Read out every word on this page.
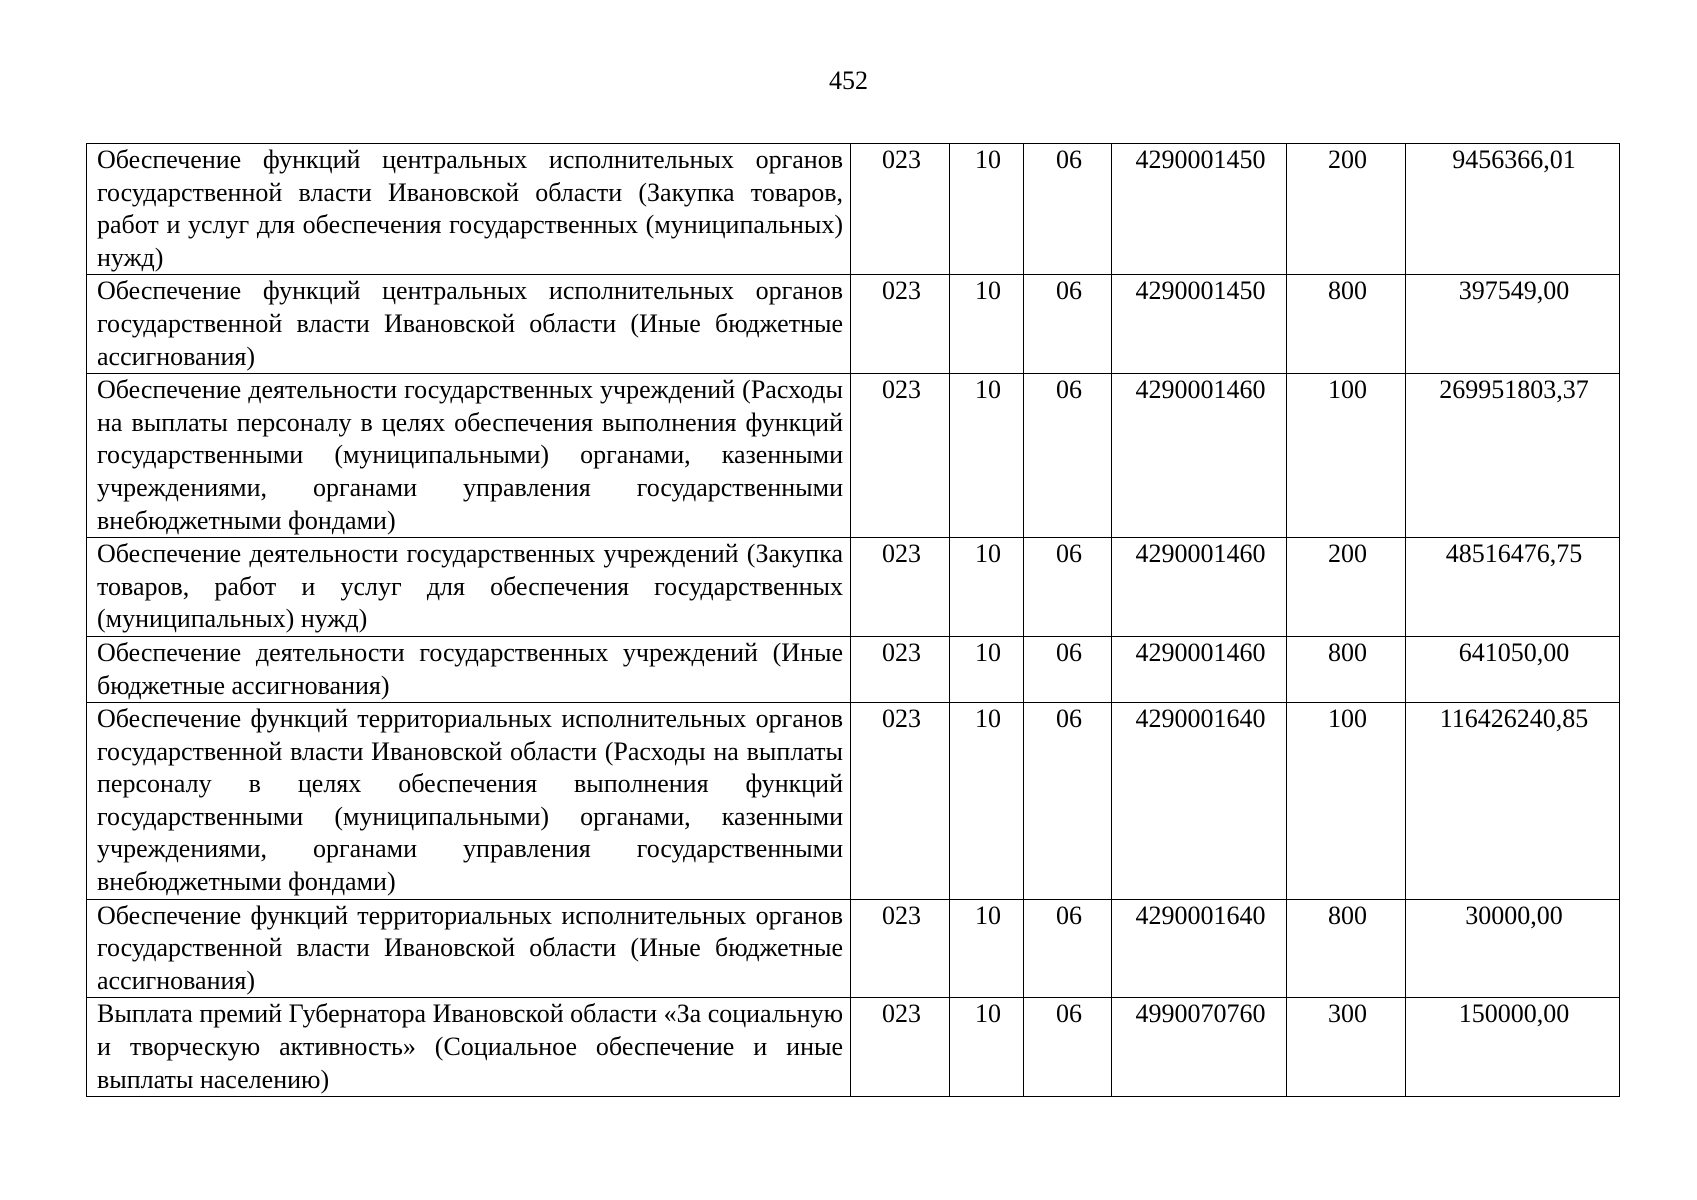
452
Обеспечение функций центральных исполнительных органов государственной власти Ивановской области (Закупка товаров, работ и услуг для обеспечения государственных (муниципальных) нужд)	023	10	06	4290001450	200	9456366,01
Обеспечение функций центральных исполнительных органов государственной власти Ивановской области (Иные бюджетные ассигнования)	023	10	06	4290001450	800	397549,00
Обеспечение деятельности государственных учреждений (Расходы на выплаты персоналу в целях обеспечения выполнения функций государственными (муниципальными) органами, казенными учреждениями, органами управления государственными внебюджетными фондами)	023	10	06	4290001460	100	269951803,37
Обеспечение деятельности государственных учреждений (Закупка товаров, работ и услуг для обеспечения государственных (муниципальных) нужд)	023	10	06	4290001460	200	48516476,75
Обеспечение деятельности государственных учреждений (Иные бюджетные ассигнования)	023	10	06	4290001460	800	641050,00
Обеспечение функций территориальных исполнительных органов государственной власти Ивановской области (Расходы на выплаты персоналу в целях обеспечения выполнения функций государственными (муниципальными) органами, казенными учреждениями, органами управления государственными внебюджетными фондами)	023	10	06	4290001640	100	116426240,85
Обеспечение функций территориальных исполнительных органов государственной власти Ивановской области (Иные бюджетные ассигнования)	023	10	06	4290001640	800	30000,00
Выплата премий Губернатора Ивановской области «За социальную и творческую активность» (Социальное обеспечение и иные выплаты населению)	023	10	06	4990070760	300	150000,00
